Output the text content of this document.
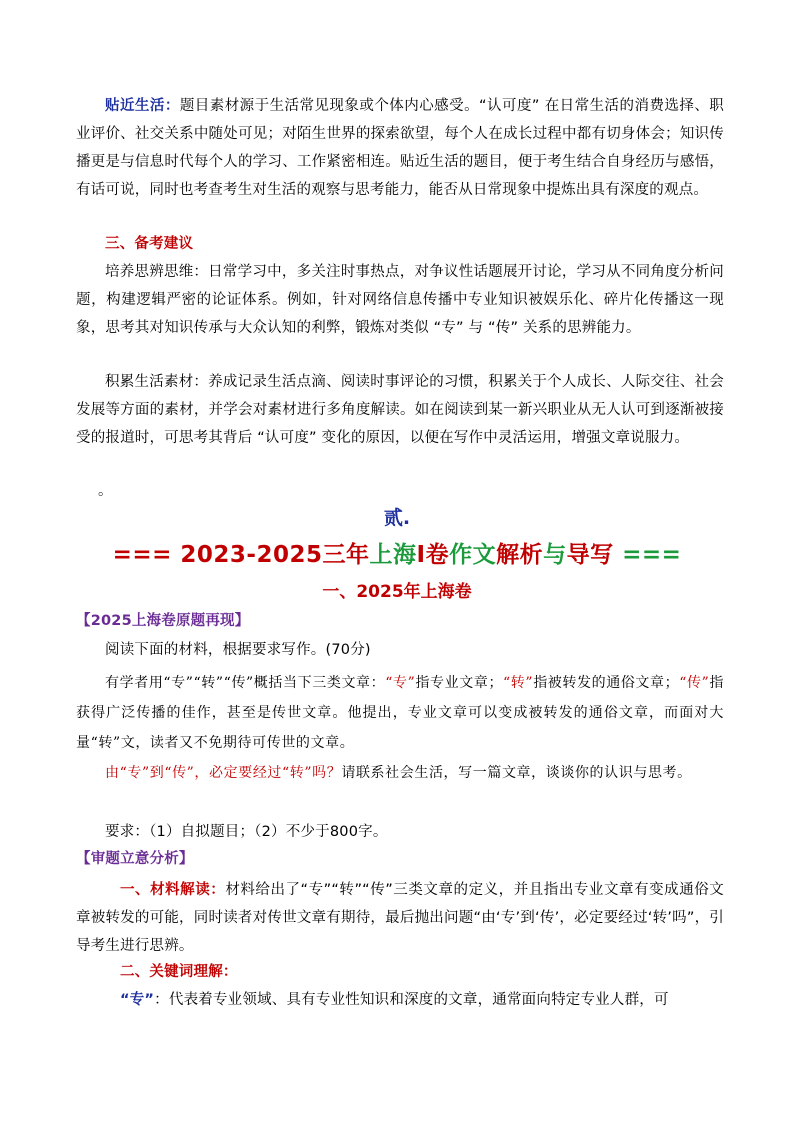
贴近生活：题目素材源于生活常见现象或个体内心感受。“认可度” 在日常生活的消费选择、职业评价、社交关系中随处可见；对陌生世界的探索欲望，每个人在成长过程中都有切身体会；知识传播更是与信息时代每个人的学习、工作紧密相连。贴近生活的题目，便于考生结合自身经历与感悟，有话可说，同时也考查考生对生活的观察与思考能力，能否从日常现象中提炼出具有深度的观点。

三、备考建议

培养思辨思维：日常学习中，多关注时事热点，对争议性话题展开讨论，学习从不同角度分析问题，构建逻辑严密的论证体系。例如，针对网络信息传播中专业知识被娱乐化、碎片化传播这一现象，思考其对知识传承与大众认知的利弊，锻炼对类似 “专” 与 “传” 关系的思辨能力。

积累生活素材：养成记录生活点滴、阅读时事评论的习惯，积累关于个人成长、人际交往、社会发展等方面的素材，并学会对素材进行多角度解读。如在阅读到某一新兴职业从无人认可到逐渐被接受的报道时，可思考其背后 “认可度” 变化的原因，以便在写作中灵活运用，增强文章说服力。

。

贰.

=== 2023-2025三年上海Ⅰ卷作文解析与导写 ===

一、2025年上海卷

【2025上海卷原题再现】

阅读下面的材料，根据要求写作。(70分)

有学者用“专”“转”“传”概括当下三类文章：“专”指专业文章；“转”指被转发的通俗文章；“传”指获得广泛传播的佳作，甚至是传世文章。他提出，专业文章可以变成被转发的通俗文章，而面对大量“转”文，读者又不免期待可传世的文章。

由“专”到“传”，必定要经过“转”吗？请联系社会生活，写一篇文章，谈谈你的认识与思考。

要求：（1）自拟题目；（2）不少于800字。

【审题立意分析】

一、材料解读：材料给出了“专”“转”“传”三类文章的定义，并且指出专业文章有变成通俗文章被转发的可能，同时读者对传世文章有期待，最后抛出问题“由‘专’到‘传’，必定要经过‘转’吗”，引导考生进行思辨。

二、关键词理解：

“专”：代表着专业领域、具有专业性知识和深度的文章，通常面向特定专业人群，可
